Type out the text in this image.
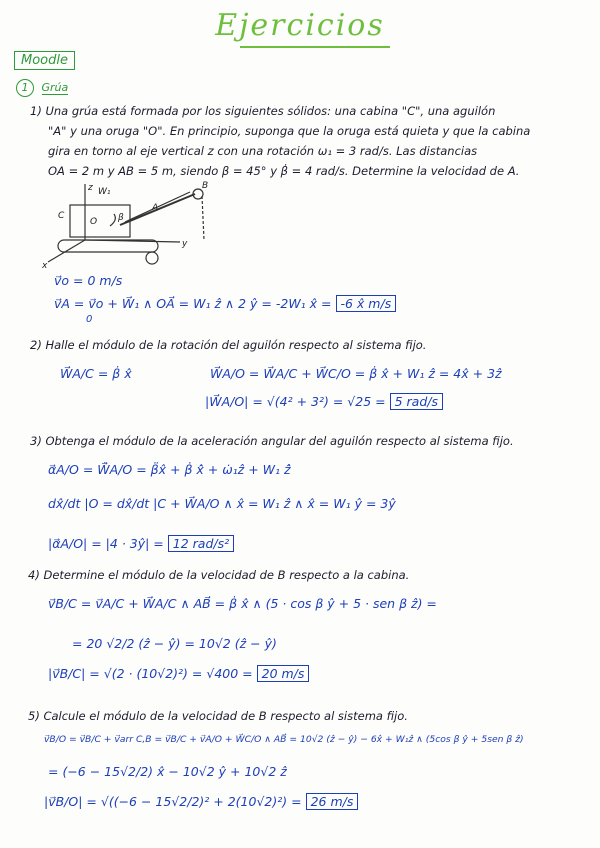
Ejercicios
Moodle
1 Grúa
1) Una grúa está formada por los siguientes sólidos: una cabina "C", una aguilón
"A" y una oruga "O". En principio, suponga que la oruga está quieta y que la cabina
gira en torno al eje vertical z con una rotación ω₁ = 3 rad/s. Las distancias
OA = 2 m y AB = 5 m, siendo β = 45° y β̇ = 4 rad/s. Determine la velocidad de A.
z W₁
C
O
A
B
β
y
x
v⃗o = 0 m/s
v⃗A = v⃗o + W⃗₁ ∧ OA⃗ = W₁ ẑ ∧ 2 ŷ = -2W₁ x̂ = -6 x̂ m/s
0
2) Halle el módulo de la rotación del aguilón respecto al sistema fijo.
W⃗A/C = β̇ x̂	W⃗A/O = W⃗A/C + W⃗C/O = β̇ x̂ + W₁ ẑ = 4x̂ + 3ẑ
|W⃗A/O| = √(4² + 3²) = √25 = 5 rad/s
3) Obtenga el módulo de la aceleración angular del aguilón respecto al sistema fijo.
α⃗A/O = W⃗̇A/O = β̈x̂ + β̇ x̂̇ + ω̇₁ẑ + W₁ ẑ̇
dx̂/dt |O = dx̂/dt |C + W⃗A/O ∧ x̂ = W₁ ẑ ∧ x̂ = W₁ ŷ = 3ŷ
|α⃗A/O| = |4 · 3ŷ| = 12 rad/s²
4) Determine el módulo de la velocidad de B respecto a la cabina.
v⃗B/C = v⃗A/C + W⃗A/C ∧ AB⃗ = β̇ x̂ ∧ (5 · cos β ŷ + 5 · sen β ẑ) =
= 20 √2/2 (ẑ − ŷ) = 10√2 (ẑ − ŷ)
|v⃗B/C| = √(2 · (10√2)²) = √400 = 20 m/s
5) Calcule el módulo de la velocidad de B respecto al sistema fijo.
v⃗B/O = v⃗B/C + v⃗arr C,B = v⃗B/C + v⃗A/O + W⃗C/O ∧ AB⃗ = 10√2 (ẑ − ŷ) − 6x̂ + W₁ẑ ∧ (5cos β ŷ + 5sen β ẑ)
= (−6 − 15√2/2) x̂ − 10√2 ŷ + 10√2 ẑ
|v⃗B/O| = √((−6 − 15√2/2)² + 2(10√2)²) = 26 m/s
